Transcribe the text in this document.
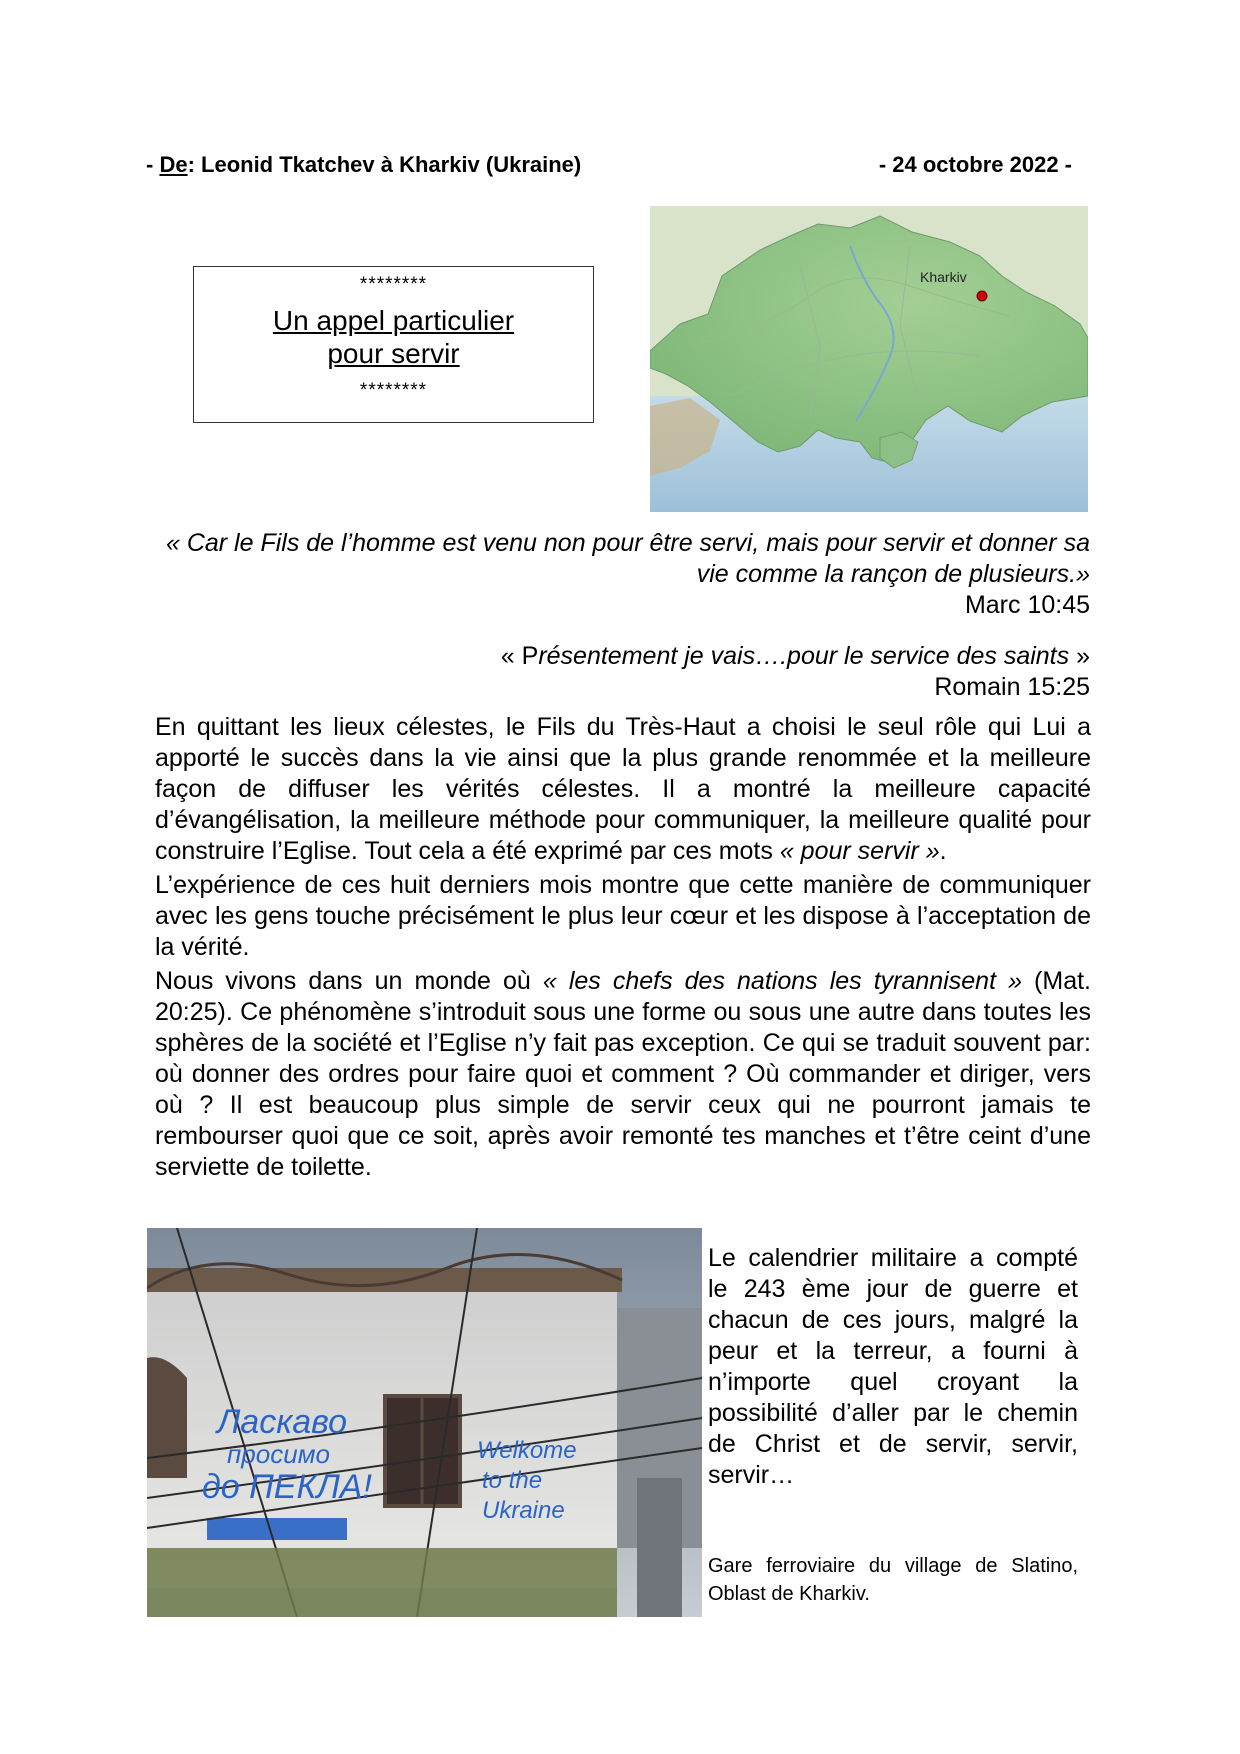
- De: Leonid Tkatchev à Kharkiv (Ukraine)	- 24 octobre 2022 -
********
Un appel particulier
pour servir
********
Kharkiv
« Car le Fils de l’homme est venu non pour être servi, mais pour servir et donner sa vie comme la rançon de plusieurs.»
Marc 10:45
« Présentement je vais….pour le service des saints »
Romain 15:25

En quittant les lieux célestes, le Fils du Très-Haut a choisi le seul rôle qui Lui a apporté le succès dans la vie ainsi que la plus grande renommée et la meilleure façon de diffuser les vérités célestes. Il a montré la meilleure capacité d’évangélisation, la meilleure méthode pour communiquer, la meilleure qualité pour construire l’Eglise. Tout cela a été exprimé par ces mots « pour servir ».

L’expérience de ces huit derniers mois montre que cette manière de communiquer avec les gens touche précisément le plus leur cœur et les dispose à l’acceptation de la vérité.

Nous vivons dans un monde où « les chefs des nations les tyrannisent » (Mat. 20:25). Ce phénomène s’introduit sous une forme ou sous une autre dans toutes les sphères de la société et l’Eglise n’y fait pas exception. Ce qui se traduit souvent par: où donner des ordres pour faire quoi et comment ? Où commander et diriger, vers où ? Il est beaucoup plus simple de servir ceux qui ne pourront jamais te rembourser quoi que ce soit, après avoir remonté tes manches et t’être ceint d’une serviette de toilette.

Ласкаво
просимо
до ПЕКЛА!
Welkome
to the
Ukraine
Le calendrier militaire a compté le 243 ème jour de guerre et chacun de ces jours, malgré la peur et la terreur, a fourni à n’importe quel croyant la possibilité d’aller par le chemin de Christ et de servir, servir, servir…
Gare ferroviaire du village de Slatino, Oblast de Kharkiv.
